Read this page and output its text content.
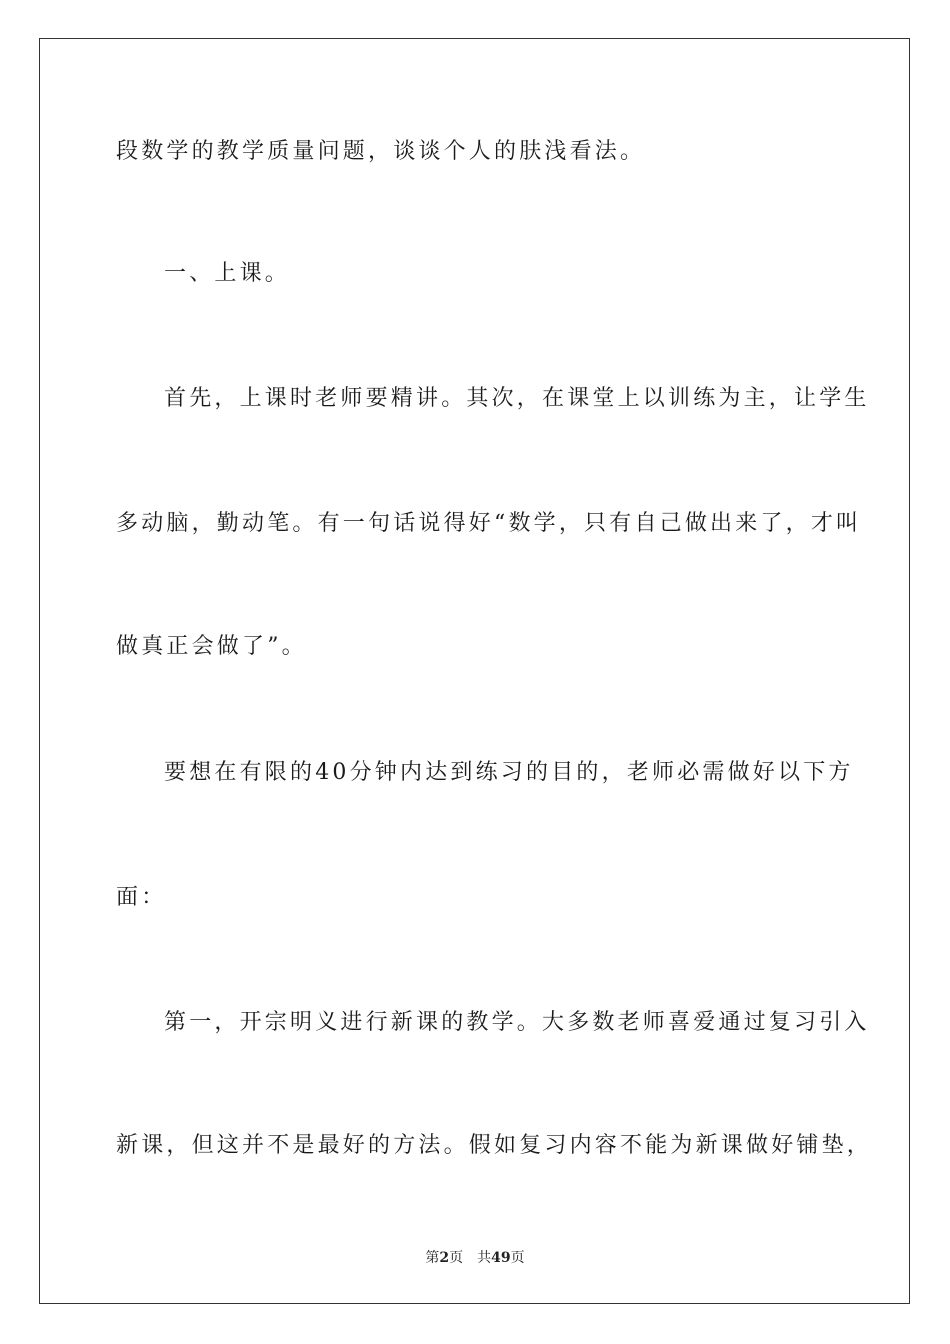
段数学的教学质量问题，谈谈个人的肤浅看法。
一、上课。
首先，上课时老师要精讲。其次，在课堂上以训练为主，让学生
多动脑，勤动笔。有一句话说得好“数学，只有自己做出来了，才叫
做真正会做了”。
要想在有限的40分钟内达到练习的目的，老师必需做好以下方
面：
第一，开宗明义进行新课的教学。大多数老师喜爱通过复习引入
新课，但这并不是最好的方法。假如复习内容不能为新课做好铺垫，
第2页 共49页
